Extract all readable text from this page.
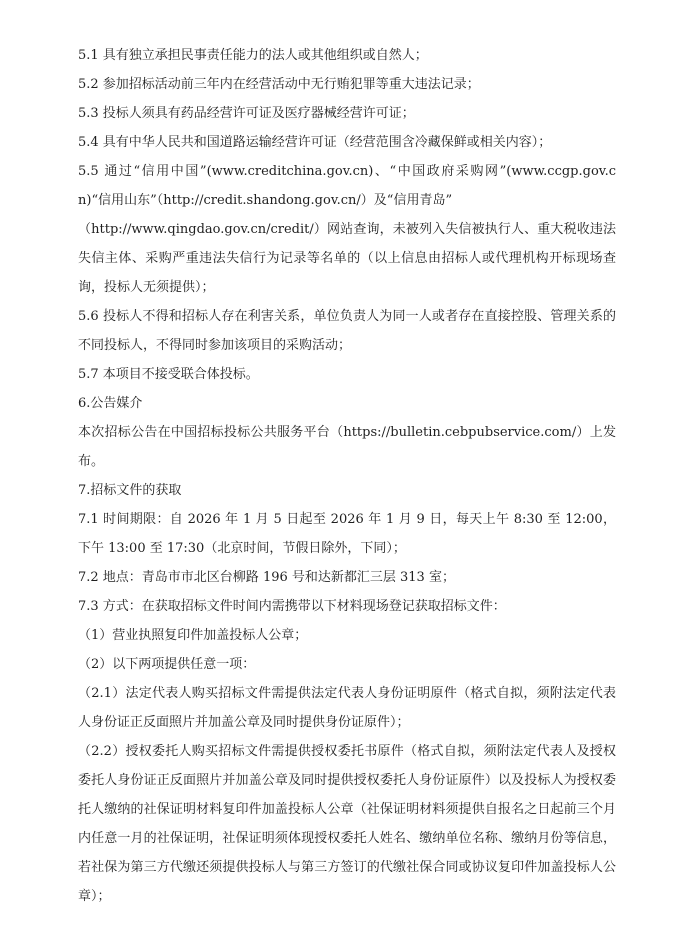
5.1 具有独立承担民事责任能力的法人或其他组织或自然人；

5.2 参加招标活动前三年内在经营活动中无行贿犯罪等重大违法记录；

5.3 投标人须具有药品经营许可证及医疗器械经营许可证；

5.4 具有中华人民共和国道路运输经营许可证（经营范围含冷藏保鲜或相关内容）；

5.5 通过“信用中国”(www.creditchina.gov.cn)、“中国政府采购网”(www.ccgp.gov.cn)“信用山东”（http://credit.shandong.gov.cn/）及“信用青岛”

（http://www.qingdao.gov.cn/credit/）网站查询，未被列入失信被执行人、重大税收违法失信主体、采购严重违法失信行为记录等名单的（以上信息由招标人或代理机构开标现场查询，投标人无须提供）；

5.6 投标人不得和招标人存在利害关系，单位负责人为同一人或者存在直接控股、管理关系的不同投标人，不得同时参加该项目的采购活动；

5.7 本项目不接受联合体投标。

6.公告媒介

本次招标公告在中国招标投标公共服务平台（https://bulletin.cebpubservice.com/）上发布。

7.招标文件的获取

7.1 时间期限：自 2026 年 1 月 5 日起至 2026 年 1 月 9 日，每天上午 8:30 至 12:00，下午 13:00 至 17:30（北京时间，节假日除外，下同）；

7.2 地点：青岛市市北区台柳路 196 号和达新都汇三层 313 室；

7.3 方式：在获取招标文件时间内需携带以下材料现场登记获取招标文件：

（1）营业执照复印件加盖投标人公章；

（2）以下两项提供任意一项：

（2.1）法定代表人购买招标文件需提供法定代表人身份证明原件（格式自拟，须附法定代表人身份证正反面照片并加盖公章及同时提供身份证原件）；

（2.2）授权委托人购买招标文件需提供授权委托书原件（格式自拟，须附法定代表人及授权委托人身份证正反面照片并加盖公章及同时提供授权委托人身份证原件）以及投标人为授权委托人缴纳的社保证明材料复印件加盖投标人公章（社保证明材料须提供自报名之日起前三个月内任意一月的社保证明，社保证明须体现授权委托人姓名、缴纳单位名称、缴纳月份等信息，若社保为第三方代缴还须提供投标人与第三方签订的代缴社保合同或协议复印件加盖投标人公章）；
